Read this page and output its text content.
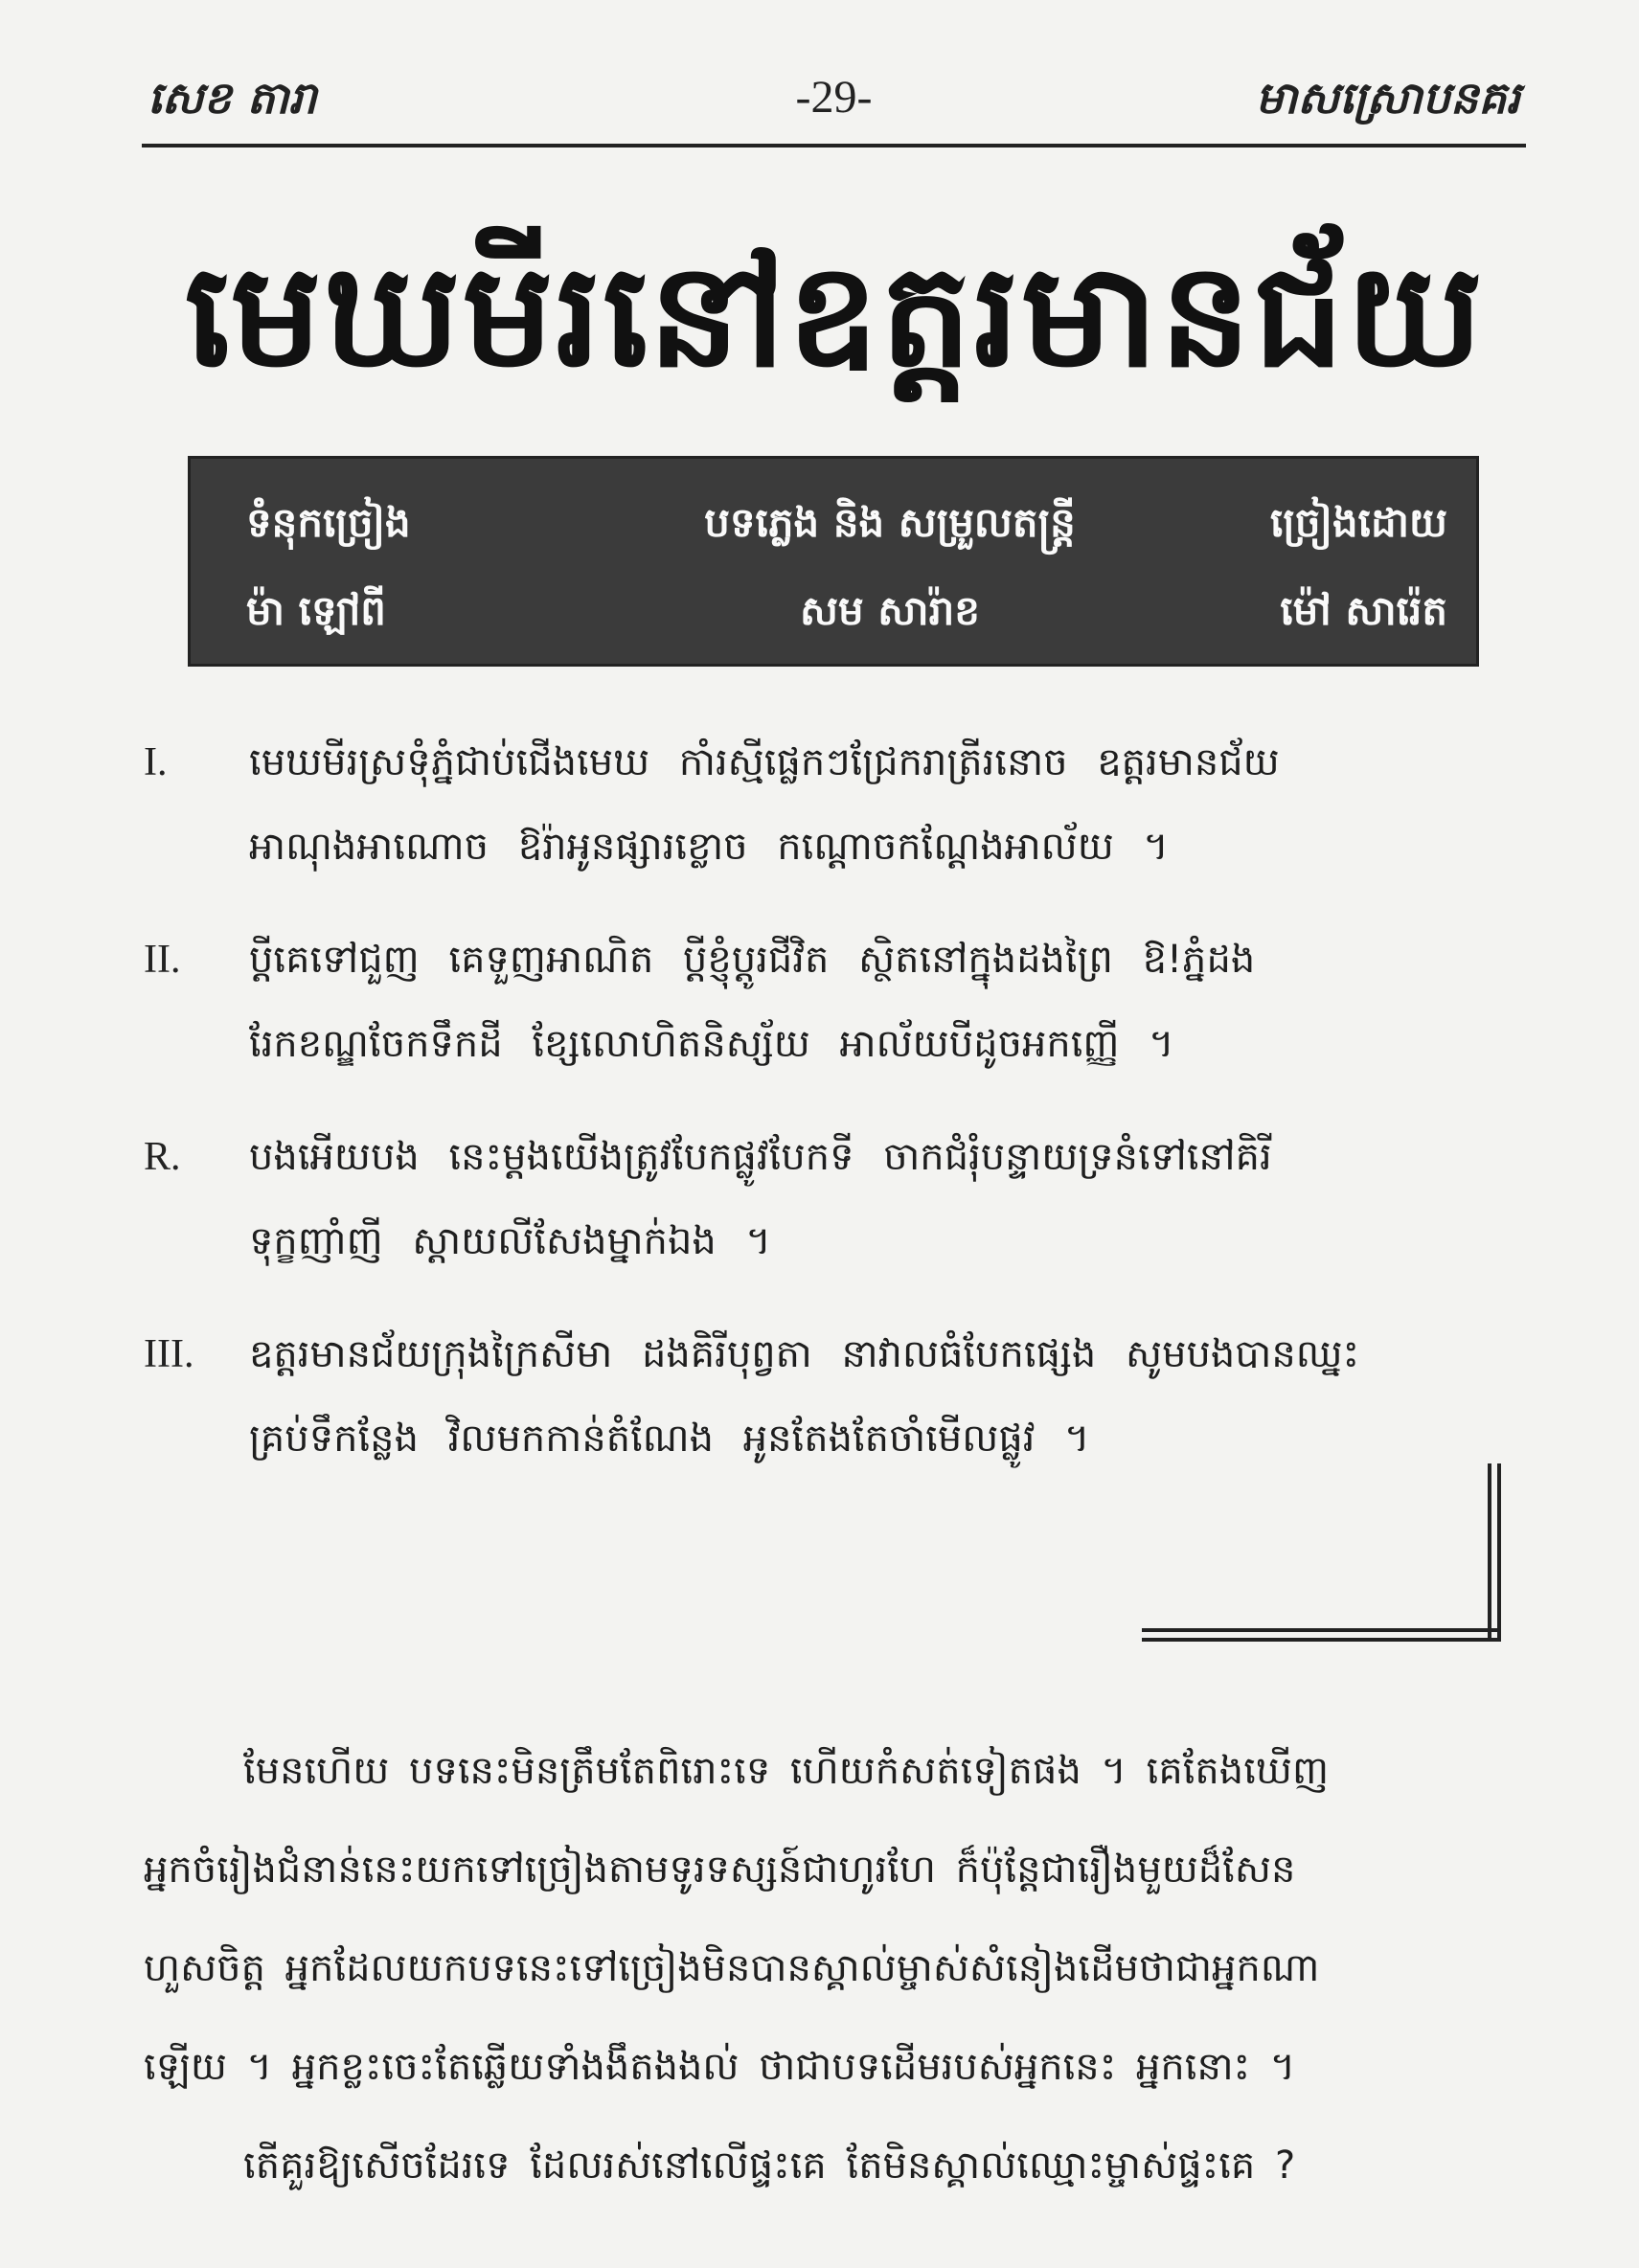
សេខ តារា	-29-	មាសស្រោបនគរ
មេឃមីរនៅឧត្តរមានជ័យ
ទំនុកច្រៀង
ម៉ា ឡៅពី
បទភ្លេង និង សម្រួលតន្ត្រី
សម សារ៉ាខ
ច្រៀងដោយ
ម៉ៅ សារ៉េត
I. មេឃមីរស្រទុំភ្នំជាប់ជើងមេឃ កាំរស្មីផ្លេកៗជ្រែករាត្រីរនោច ឧត្តរមានជ័យ
អាណុងអាណោច ឱរ៉ាអូនផ្សារខ្លោច កណ្ដោចកណ្ដែងអាល័យ ។
II. ប្ដីគេទៅជួញ គេទួញអាណិត ប្ដីខ្ញុំប្ដូរជីវិត ស្ថិតនៅក្នុងដងព្រៃ ឱ!ភ្នំដង
រែកខណ្ឌចែកទឹកដី ខ្សែលោហិតនិស្ស័យ អាល័យបីដូចអកញ្ញើ ។
R. បងអើយបង នេះម្ដងយើងត្រូវបែកផ្លូវបែកទី ចាកជំរុំបន្ទាយទ្រនំទៅនៅគិរី
ទុក្ខញាំញី ស្ដាយលីសែងម្នាក់ឯង ។
III. ឧត្តរមានជ័យក្រុងក្រៃសីមា ដងគិរីបុព្វតា នាវាលធំបែកផ្សេង សូមបងបានឈ្នះ
គ្រប់ទឹកន្លែង វិលមកកាន់តំណែង អូនតែងតែចាំមើលផ្លូវ ។
មែនហើយ បទនេះមិនត្រឹមតែពិរោះទេ ហើយកំសត់ទៀតផង ។ គេតែងឃើញ
អ្នកចំរៀងជំនាន់នេះយកទៅច្រៀងតាមទូរទស្សន៍ជាហូរហែ ក៏ប៉ុន្ដែជារឿងមួយដ៏សែន
ហួសចិត្ត អ្នកដែលយកបទនេះទៅច្រៀងមិនបានស្គាល់ម្ចាស់សំនៀងដើមថាជាអ្នកណា
ឡើយ ។ អ្នកខ្លះចេះតែឆ្លើយទាំងងឹតងងល់ ថាជាបទដើមរបស់អ្នកនេះ អ្នកនោះ ។
តើគួរឱ្យសើចដែរទេ ដែលរស់នៅលើផ្ទះគេ តែមិនស្គាល់ឈ្មោះម្ចាស់ផ្ទះគេ ?
